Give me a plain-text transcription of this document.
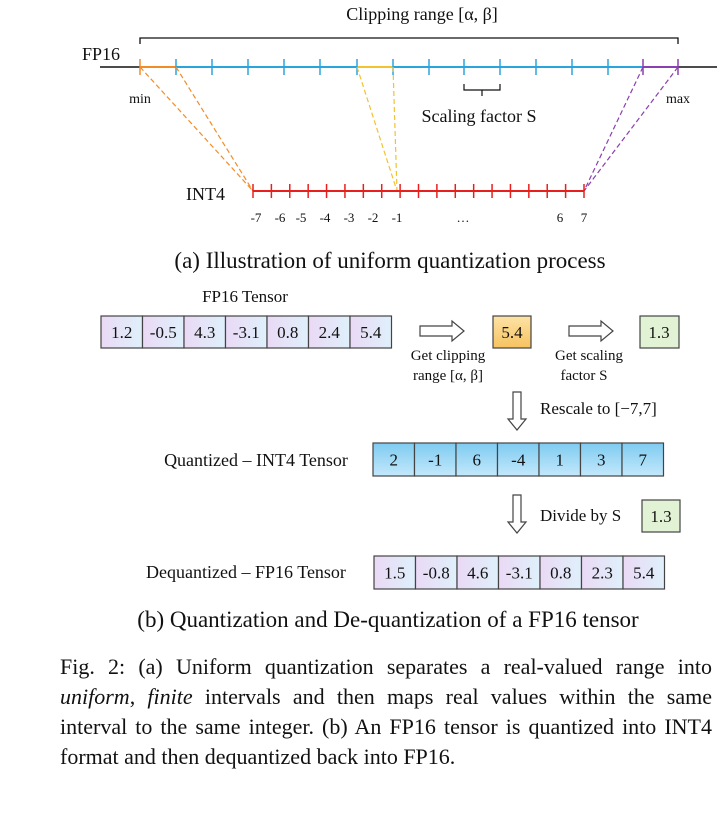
Clipping range [α, β]
FP16
min	max
Scaling factor S
INT4
-7 -6 -5 -4 -3 -2 -1	…	6 7
(a) Illustration of uniform quantization process
FP16 Tensor
1.2 -0.5 4.3 -3.1 0.8 2.4 5.4	5.4	1.3
Get clipping
range [α, β]
Get scaling
factor S
Rescale to [−7,7]
Quantized – INT4 Tensor 2 -1 6 -4 1 3 7
Divide by S 1.3
Dequantized – FP16 Tensor 1.5 -0.8 4.6 -3.1 0.8 2.3 5.4
(b) Quantization and De-quantization of a FP16 tensor
Fig. 2: (a) Uniform quantization separates a real-valued range into uniform, finite intervals and then maps real values within the same interval to the same integer. (b) An FP16 tensor is quantized into INT4 format and then dequantized back into FP16.
